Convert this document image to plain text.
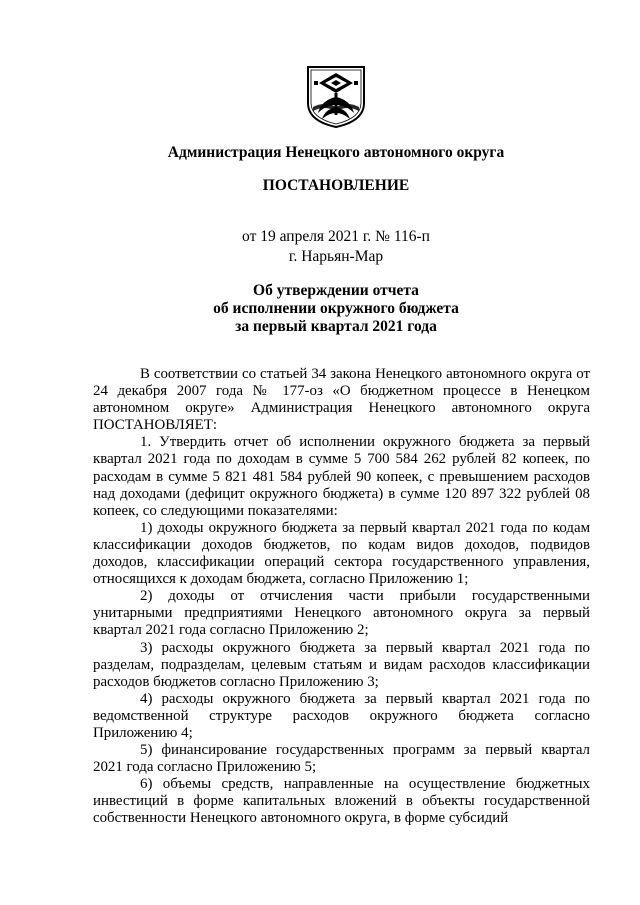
Администрация Ненецкого автономного округа
ПОСТАНОВЛЕНИЕ
от 19 апреля 2021 г. № 116-п
г. Нарьян-Мар
Об утверждении отчета
об исполнении окружного бюджета
за первый квартал 2021 года

В соответствии со статьей 34 закона Ненецкого автономного округа от 24 декабря 2007 года № 177-оз «О бюджетном процессе в Ненецком автономном округе» Администрация Ненецкого автономного округа ПОСТАНОВЛЯЕТ:

1. Утвердить отчет об исполнении окружного бюджета за первый квартал 2021 года по доходам в сумме 5 700 584 262 рублей 82 копеек, по расходам в сумме 5 821 481 584 рублей 90 копеек, с превышением расходов над доходами (дефицит окружного бюджета) в сумме 120 897 322 рублей 08 копеек, со следующими показателями:

1) доходы окружного бюджета за первый квартал 2021 года по кодам классификации доходов бюджетов, по кодам видов доходов, подвидов доходов, классификации операций сектора государственного управления, относящихся к доходам бюджета, согласно Приложению 1;

2) доходы от отчисления части прибыли государственными унитарными предприятиями Ненецкого автономного округа за первый квартал 2021 года согласно Приложению 2;

3) расходы окружного бюджета за первый квартал 2021 года по разделам, подразделам, целевым статьям и видам расходов классификации расходов бюджетов согласно Приложению 3;

4) расходы окружного бюджета за первый квартал 2021 года по ведомственной структуре расходов окружного бюджета согласно Приложению 4;

5) финансирование государственных программ за первый квартал 2021 года согласно Приложению 5;

6) объемы средств, направленные на осуществление бюджетных инвестиций в форме капитальных вложений в объекты государственной собственности Ненецкого автономного округа, в форме субсидий
